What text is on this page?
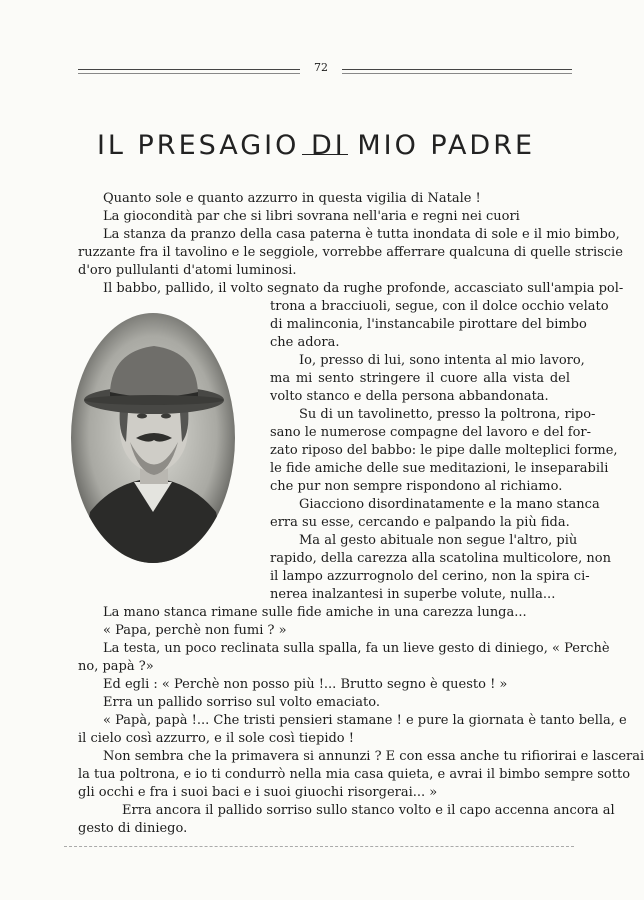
72
IL PRESAGIO DI MIO PADRE
Quanto sole e quanto azzurro in questa vigilia di Natale !
La giocondità par che si libri sovrana nell'aria e regni nei cuori
La stanza da pranzo della casa paterna è tutta inondata di sole e il mio bimbo,
ruzzante fra il tavolino e le seggiole, vorrebbe afferrare qualcuna di quelle striscie
d'oro pullulanti d'atomi luminosi.
Il babbo, pallido, il volto segnato da rughe profonde, accasciato sull'ampia pol-
trona a bracciuoli, segue, con il dolce occhio velato
di malinconia, l'instancabile pirottare del bimbo
che adora.
Io, presso di lui, sono intenta al mio lavoro,
ma mi sento stringere il cuore alla vista del
volto stanco e della persona abbandonata.
Su di un tavolinetto, presso la poltrona, ripo-
sano le numerose compagne del lavoro e del for-
zato riposo del babbo: le pipe dalle molteplici forme,
le fide amiche delle sue meditazioni, le inseparabili
che pur non sempre rispondono al richiamo.
Giacciono disordinatamente e la mano stanca
erra su esse, cercando e palpando la più fida.
Ma al gesto abituale non segue l'altro, più
rapido, della carezza alla scatolina multicolore, non
il lampo azzurrognolo del cerino, non la spira ci-
nerea inalzantesi in superbe volute, nulla...
La mano stanca rimane sulle fide amiche in una carezza lunga...
« Papa, perchè non fumi ? »
La testa, un poco reclinata sulla spalla, fa un lieve gesto di diniego, « Perchè
no, papà ?»
Ed egli : « Perchè non posso più !... Brutto segno è questo ! »
Erra un pallido sorriso sul volto emaciato.
« Papà, papà !... Che tristi pensieri stamane ! e pure la giornata è tanto bella, e
il cielo così azzurro, e il sole così tiepido !
Non sembra che la primavera si annunzi ? E con essa anche tu rifiorirai e lascerai
la tua poltrona, e io ti condurrò nella mia casa quieta, e avrai il bimbo sempre sotto
gli occhi e fra i suoi baci e i suoi giuochi risorgerai... »
Erra ancora il pallido sorriso sullo stanco volto e il capo accenna ancora al
gesto di diniego.
